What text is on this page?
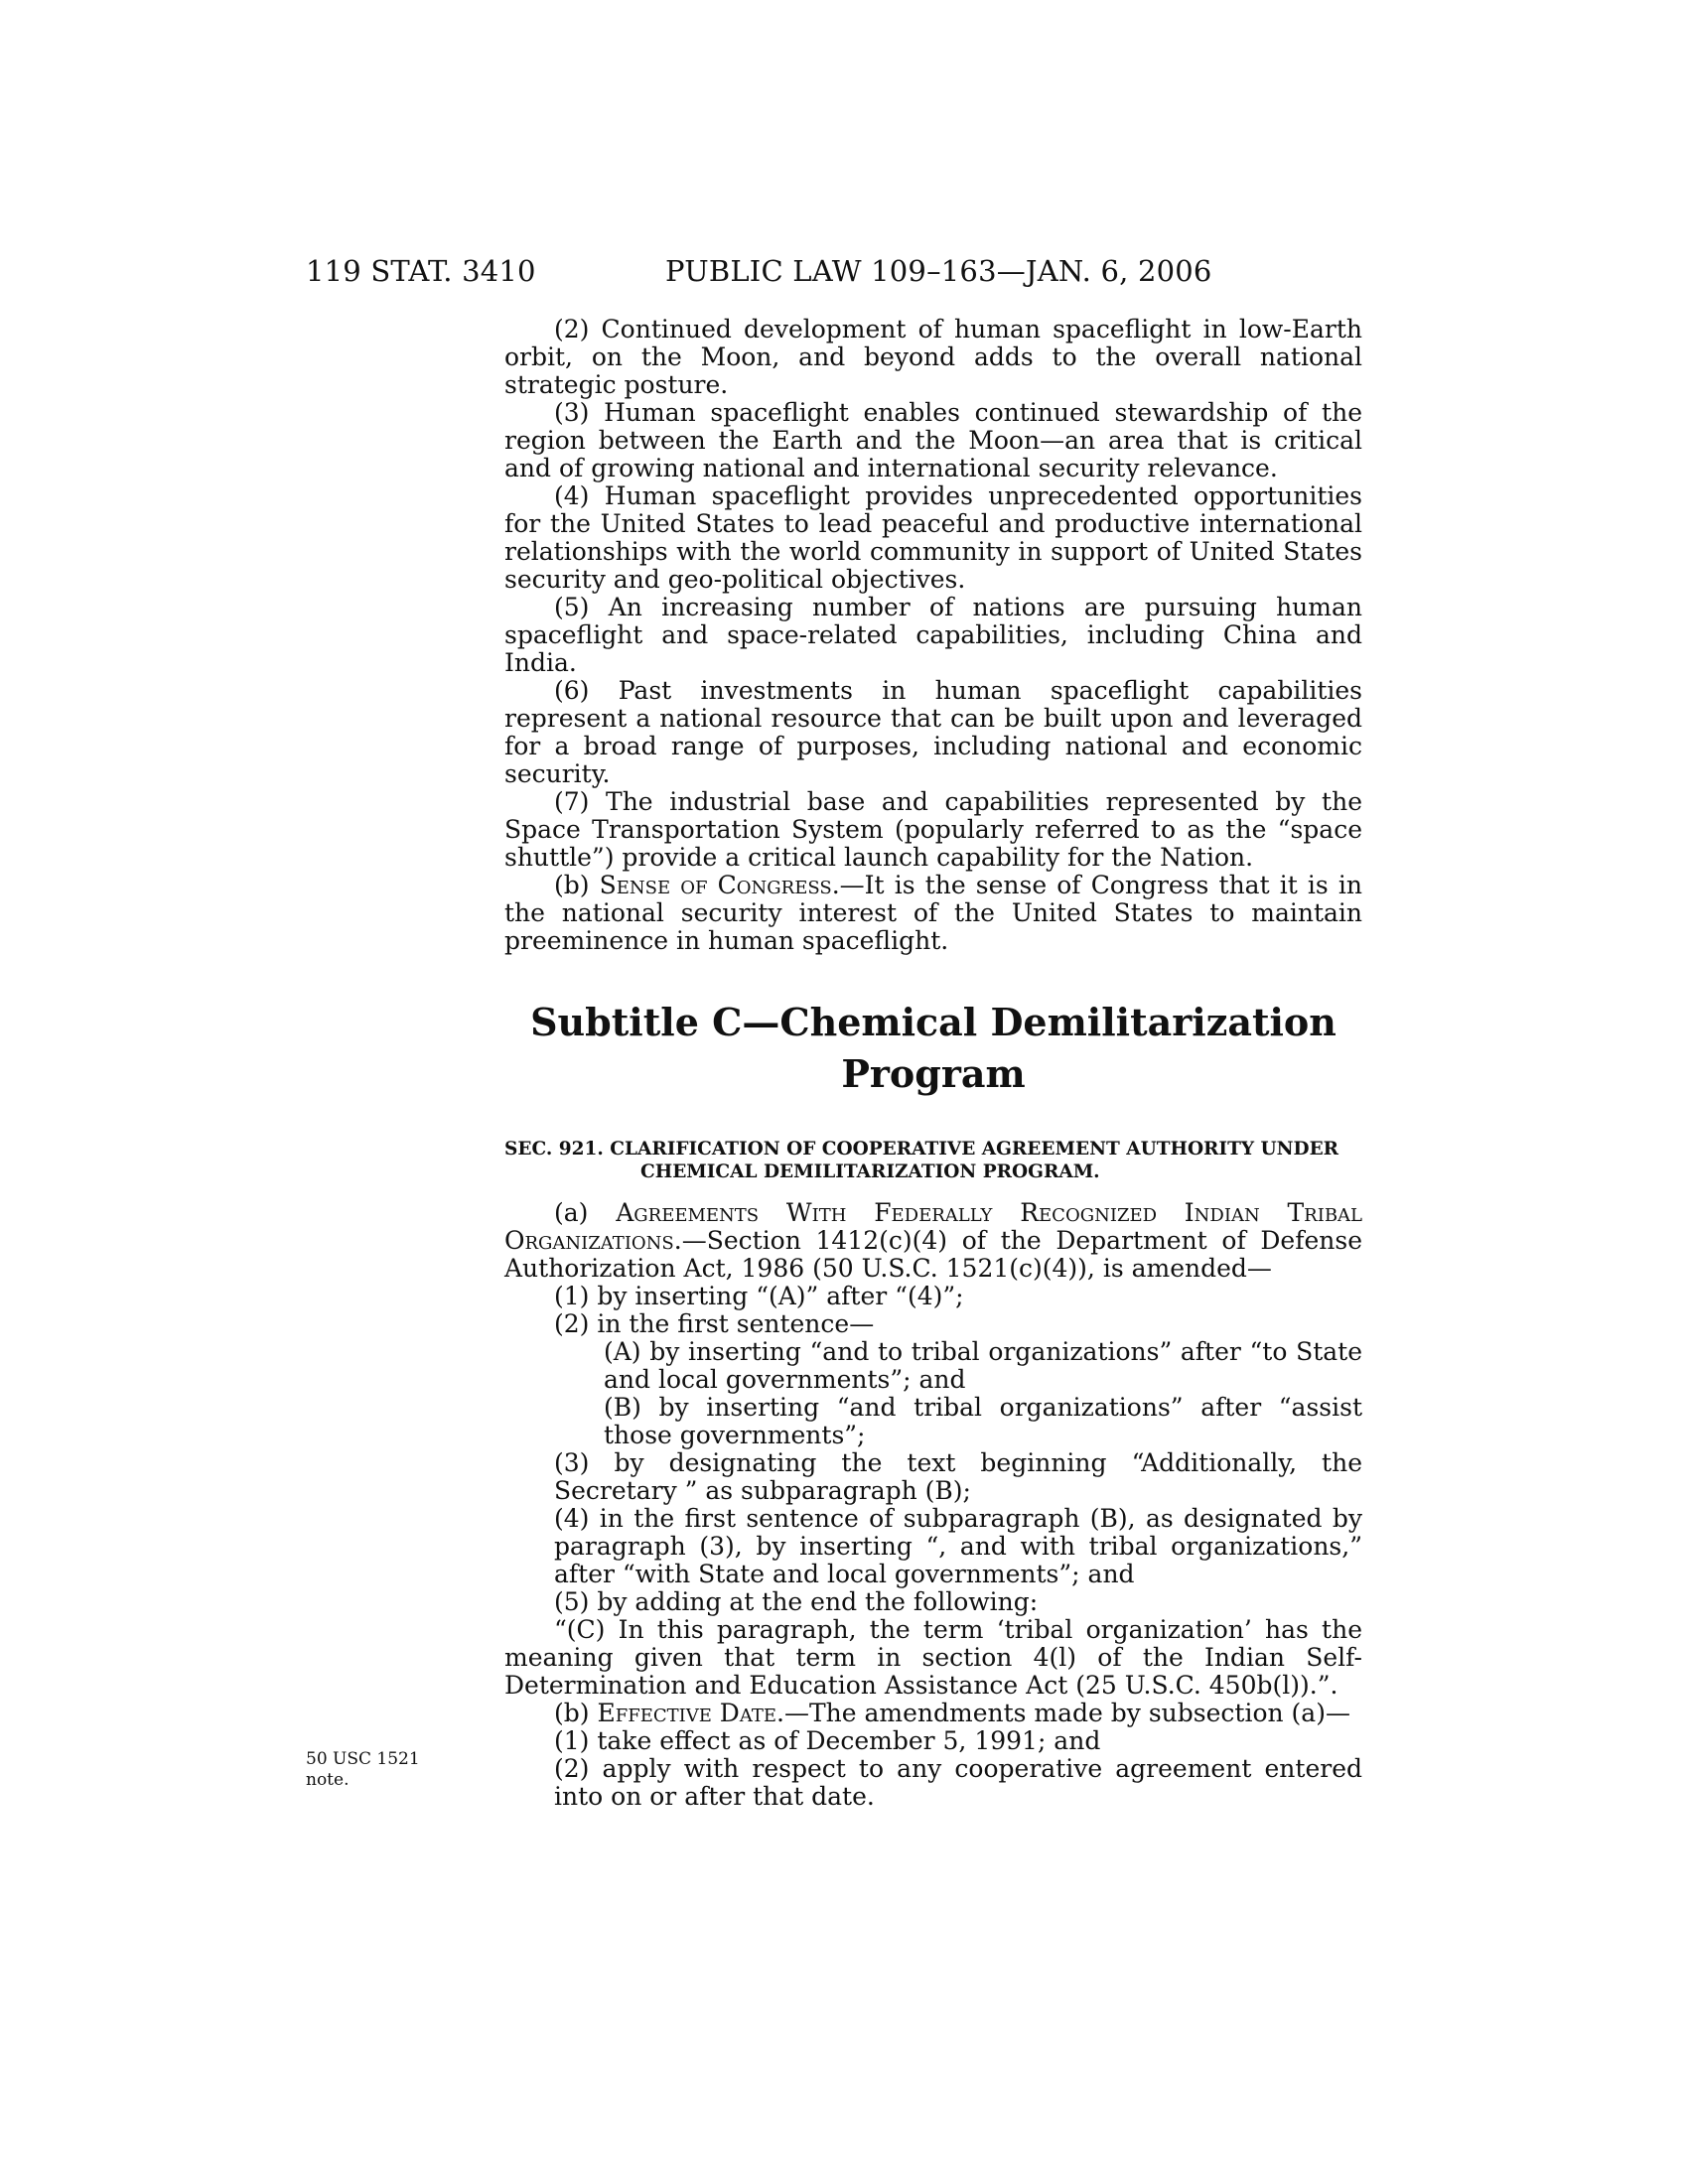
119 STAT. 3410	PUBLIC LAW 109–163—JAN. 6, 2006

(2) Continued development of human spaceflight in low-Earth orbit, on the Moon, and beyond adds to the overall national strategic posture.

(3) Human spaceflight enables continued stewardship of the region between the Earth and the Moon—an area that is critical and of growing national and international security relevance.

(4) Human spaceflight provides unprecedented opportunities for the United States to lead peaceful and productive international relationships with the world community in support of United States security and geo-political objectives.

(5) An increasing number of nations are pursuing human spaceflight and space-related capabilities, including China and India.

(6) Past investments in human spaceflight capabilities represent a national resource that can be built upon and leveraged for a broad range of purposes, including national and economic security.

(7) The industrial base and capabilities represented by the Space Transportation System (popularly referred to as the “space shuttle”) provide a critical launch capability for the Nation.

(b) Sense of Congress.—It is the sense of Congress that it is in the national security interest of the United States to maintain preeminence in human spaceflight.

Subtitle C—Chemical Demilitarization
Program

SEC. 921. CLARIFICATION OF COOPERATIVE AGREEMENT AUTHORITY UNDER CHEMICAL DEMILITARIZATION PROGRAM.

(a) Agreements With Federally Recognized Indian Tribal Organizations.—Section 1412(c)(4) of the Department of Defense Authorization Act, 1986 (50 U.S.C. 1521(c)(4)), is amended—

(1) by inserting “(A)” after “(4)”;

(2) in the first sentence—

(A) by inserting “and to tribal organizations” after “to State and local governments”; and

(B) by inserting “and tribal organizations” after “assist those governments”;

(3) by designating the text beginning “Additionally, the Secretary ” as subparagraph (B);

(4) in the first sentence of subparagraph (B), as designated by paragraph (3), by inserting “, and with tribal organizations,” after “with State and local governments”; and

(5) by adding at the end the following:

“(C) In this paragraph, the term ‘tribal organization’ has the meaning given that term in section 4(l) of the Indian Self-Determination and Education Assistance Act (25 U.S.C. 450b(l)).”.

(b) Effective Date.—The amendments made by subsection (a)—

(1) take effect as of December 5, 1991; and

(2) apply with respect to any cooperative agreement entered into on or after that date.

50 USC 1521 note.
